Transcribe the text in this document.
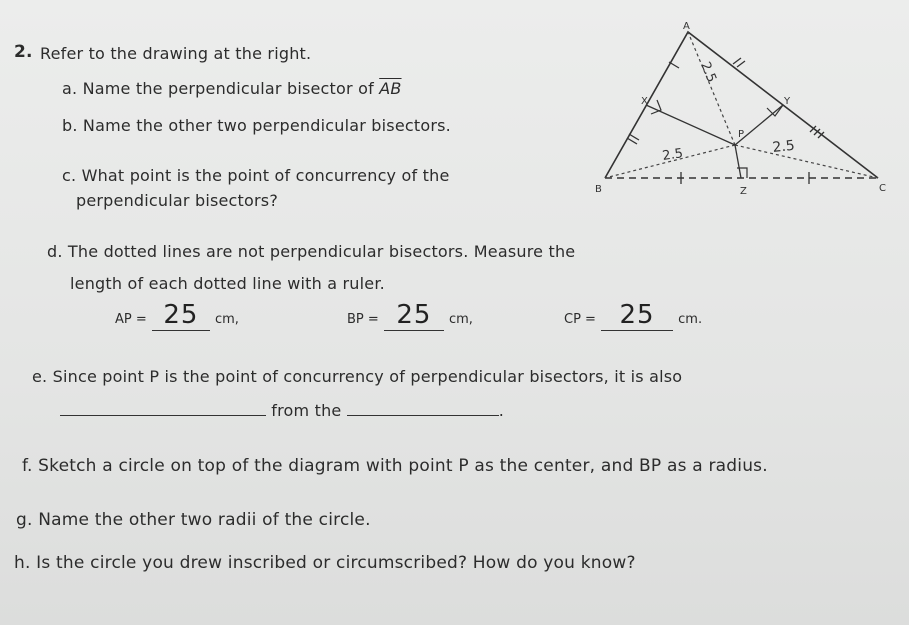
2. Refer to the drawing at the right.
a. Name the perpendicular bisector of $\overline{AB}$
b. Name the other two perpendicular bisectors.
c. What point is the point of concurrency of the
perpendicular bisectors?
d. The dotted lines are not perpendicular bisectors. Measure the
length of each dotted line with a ruler.
AP = 25 cm,	BP = 25 cm,	CP = 25 cm.
e. Since point P is the point of concurrency of perpendicular bisectors, it is also
from the	.
f. Sketch a circle on top of the diagram with point P as the center, and BP as a radius.
g. Name the other two radii of the circle.
h. Is the circle you drew inscribed or circumscribed? How do you know?
A
B	C
X	Y
Z
P
2.5
2.5	2.5
